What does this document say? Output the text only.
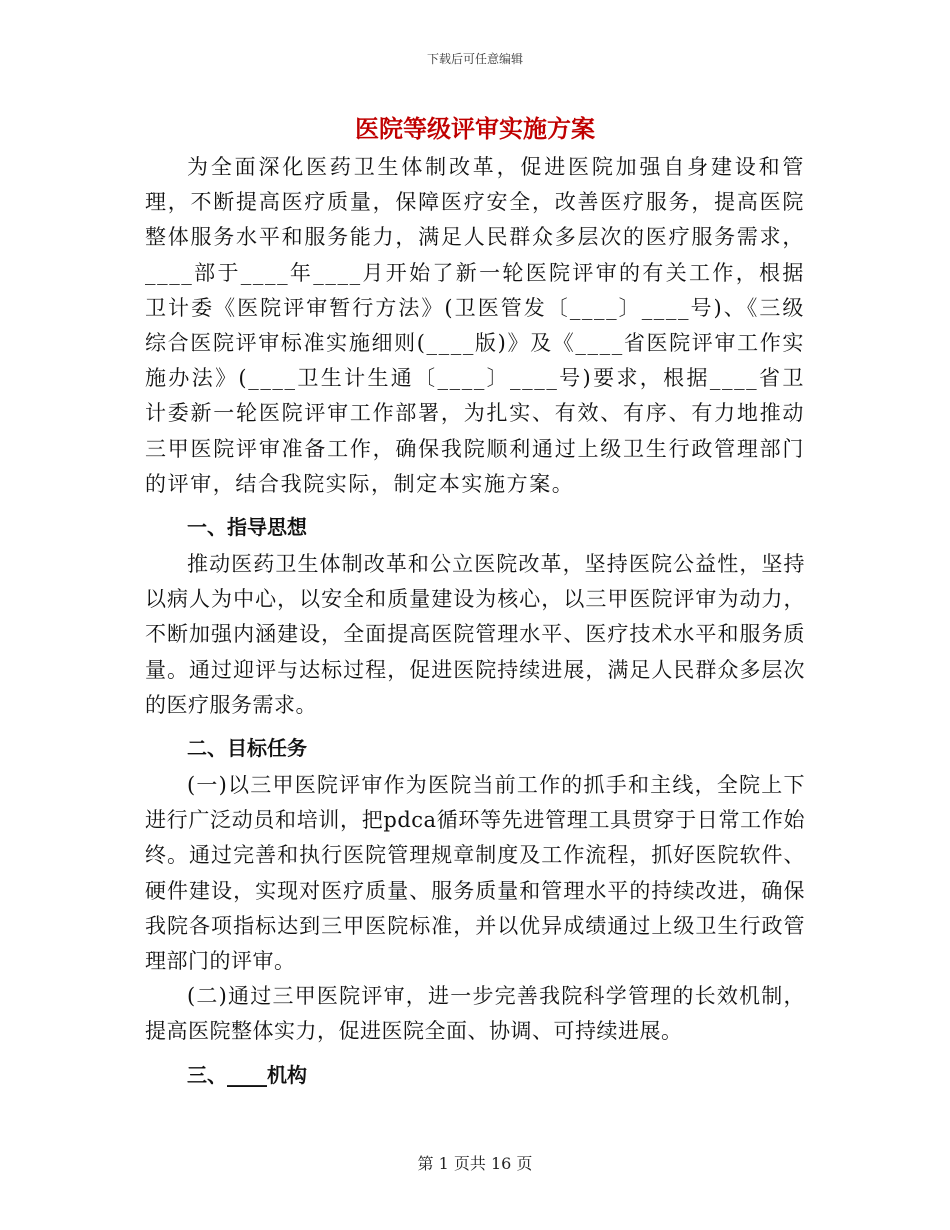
下载后可任意编辑
医院等级评审实施方案

为全面深化医药卫生体制改革，促进医院加强自身建设和管理，不断提高医疗质量，保障医疗安全，改善医疗服务，提高医院整体服务水平和服务能力，满足人民群众多层次的医疗服务需求，____部于____年____月开始了新一轮医院评审的有关工作，根据卫计委《医院评审暂行方法》(卫医管发〔____〕____号)、《三级综合医院评审标准实施细则(____版)》及《____省医院评审工作实施办法》(____卫生计生通〔____〕____号)要求，根据____省卫计委新一轮医院评审工作部署，为扎实、有效、有序、有力地推动三甲医院评审准备工作，确保我院顺利通过上级卫生行政管理部门的评审，结合我院实际，制定本实施方案。

一、指导思想

推动医药卫生体制改革和公立医院改革，坚持医院公益性，坚持以病人为中心，以安全和质量建设为核心，以三甲医院评审为动力，不断加强内涵建设，全面提高医院管理水平、医疗技术水平和服务质量。通过迎评与达标过程，促进医院持续进展，满足人民群众多层次的医疗服务需求。

二、目标任务

(一)以三甲医院评审作为医院当前工作的抓手和主线，全院上下进行广泛动员和培训，把pdca循环等先进管理工具贯穿于日常工作始终。通过完善和执行医院管理规章制度及工作流程，抓好医院软件、硬件建设，实现对医疗质量、服务质量和管理水平的持续改进，确保我院各项指标达到三甲医院标准，并以优异成绩通过上级卫生行政管理部门的评审。

(二)通过三甲医院评审，进一步完善我院科学管理的长效机制，提高医院整体实力，促进医院全面、协调、可持续进展。

三、____机构

第 1 页共 16 页
